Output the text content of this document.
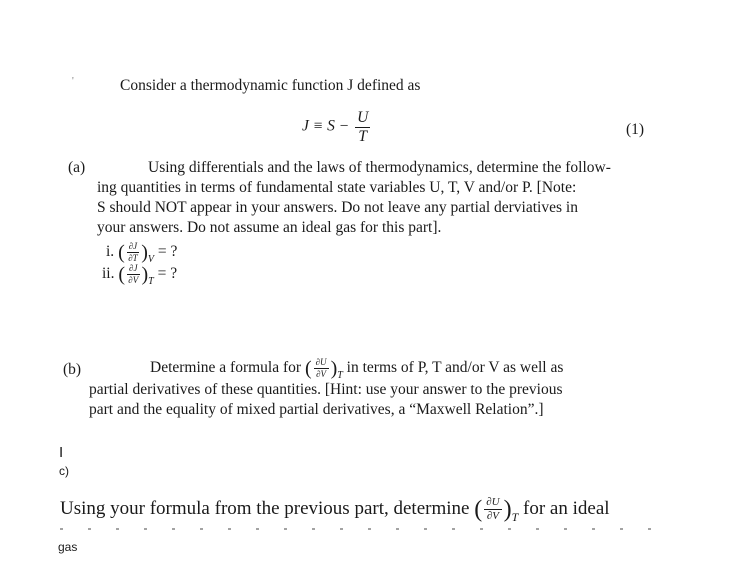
'	Consider a thermodynamic function J defined as
$J \equiv S - \frac{U}{T}$	(1)
(a)	Using differentials and the laws of thermodynamics, determine the follow-
ing quantities in terms of fundamental state variables U, T, V and/or P. [Note:
S should NOT appear in your answers. Do not leave any partial derviatives in
your answers. Do not assume an ideal gas for this part].
i. ( $\frac{\partial J}{\partial T} )_V$ = ?
ii. ( $\frac{\partial J}{\partial V} )_T$ = ?
(b)	Determine a formula for ( $\frac{\partial U}{\partial V} )_T$ in terms of P, T and/or V as well as
partial derivatives of these quantities. [Hint: use your answer to the previous
part and the equality of mixed partial derivatives, a “Maxwell Relation”.]
I
c)
Using your formula from the previous part, determine ( $\frac{\partial U}{\partial V} )_T$ for an ideal
gas
